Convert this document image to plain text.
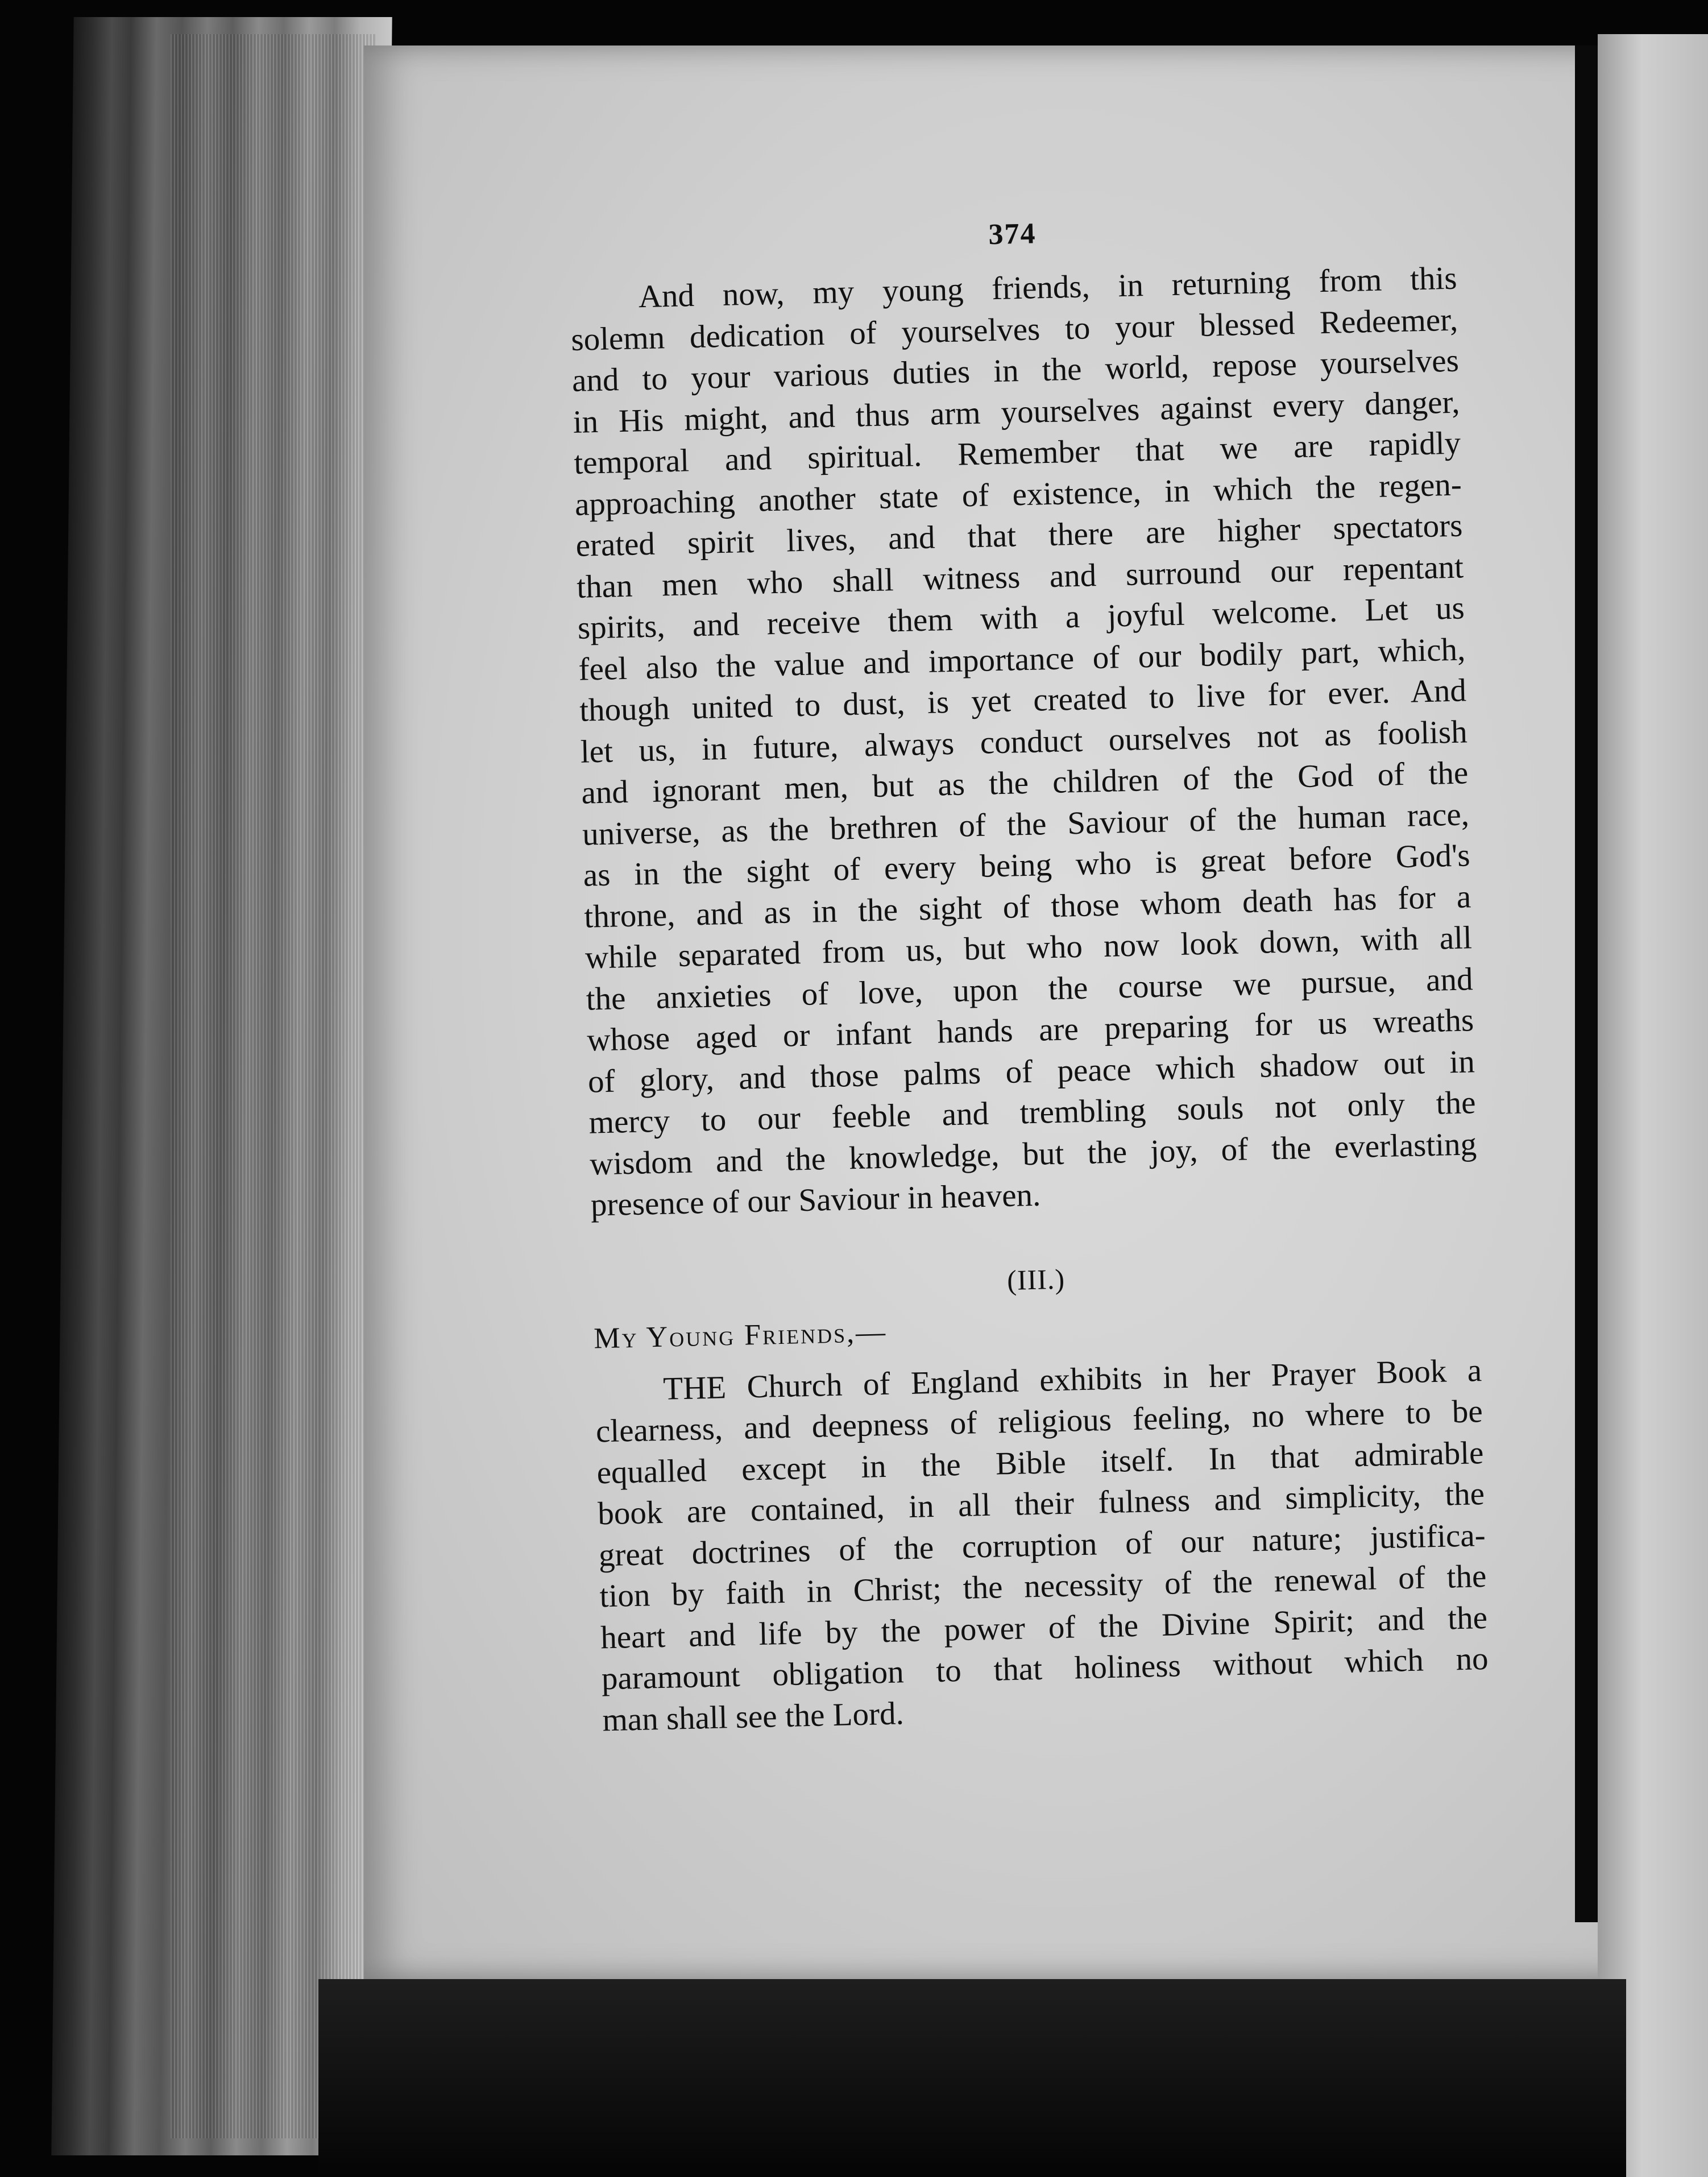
374

And now, my young friends, in returning from this
solemn dedication of yourselves to your blessed Redeemer,
and to your various duties in the world, repose yourselves
in His might, and thus arm yourselves against every danger,
temporal and spiritual. Remember that we are rapidly
approaching another state of existence, in which the regen-
erated spirit lives, and that there are higher spectators
than men who shall witness and surround our repentant
spirits, and receive them with a joyful welcome. Let us
feel also the value and importance of our bodily part, which,
though united to dust, is yet created to live for ever. And
let us, in future, always conduct ourselves not as foolish
and ignorant men, but as the children of the God of the
universe, as the brethren of the Saviour of the human race,
as in the sight of every being who is great before God's
throne, and as in the sight of those whom death has for a
while separated from us, but who now look down, with all
the anxieties of love, upon the course we pursue, and
whose aged or infant hands are preparing for us wreaths
of glory, and those palms of peace which shadow out in
mercy to our feeble and trembling souls not only the
wisdom and the knowledge, but the joy, of the everlasting
presence of our Saviour in heaven.

(III.)
My Young Friends,—

THE Church of England exhibits in her Prayer Book a
clearness, and deepness of religious feeling, no where to be
equalled except in the Bible itself. In that admirable
book are contained, in all their fulness and simplicity, the
great doctrines of the corruption of our nature; justifica-
tion by faith in Christ; the necessity of the renewal of the
heart and life by the power of the Divine Spirit; and the
paramount obligation to that holiness without which no
man shall see the Lord.
